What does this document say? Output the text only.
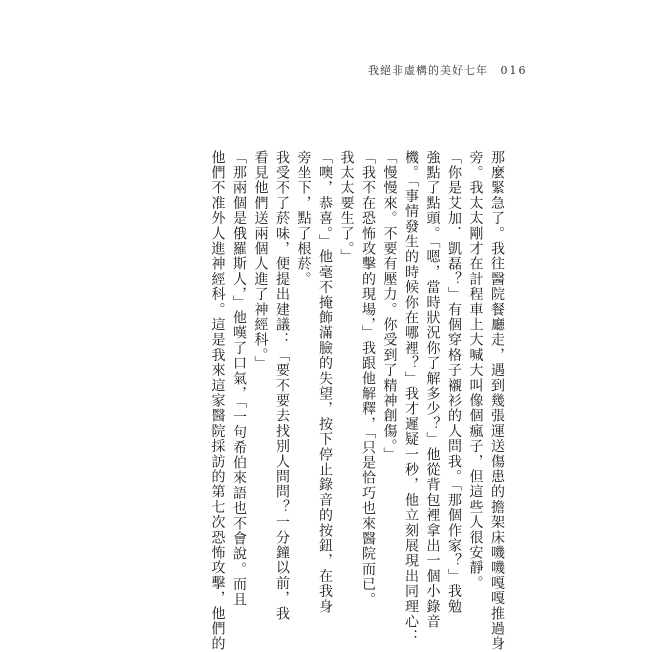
我絕非虛構的美好七年 016

那麼緊急了。我往醫院餐廳走，遇到幾張運送傷患的擔架床嘰嘰嘎嘎推過身

旁。我太太剛才在計程車上大喊大叫像個瘋子，但這些人很安靜。

「你是艾加．凱磊？」有個穿格子襯衫的人問我。「那個作家？」我勉

強點了點頭。「嗯，當時狀況你了解多少？」他從背包裡拿出一個小錄音

機。「事情發生的時候你在哪裡？」我才遲疑一秒，他立刻展現出同理心：

「慢慢來。不要有壓力。你受到了精神創傷。」

「我不在恐怖攻擊的現場，」我跟他解釋，「只是恰巧也來醫院而已。

我太太要生了。」

「噢，恭喜。」他毫不掩飾滿臉的失望，按下停止錄音的按鈕，在我身

旁坐下，點了根菸。

我受不了菸味，便提出建議：「要不要去找別人問問？一分鐘以前，我

看見他們送兩個人進了神經科。」

「那兩個是俄羅斯人，」他嘆了口氣，「一句希伯來語也不會說。而且

他們不准外人進神經科。這是我來這家醫院採訪的第七次恐怖攻擊，他們的
